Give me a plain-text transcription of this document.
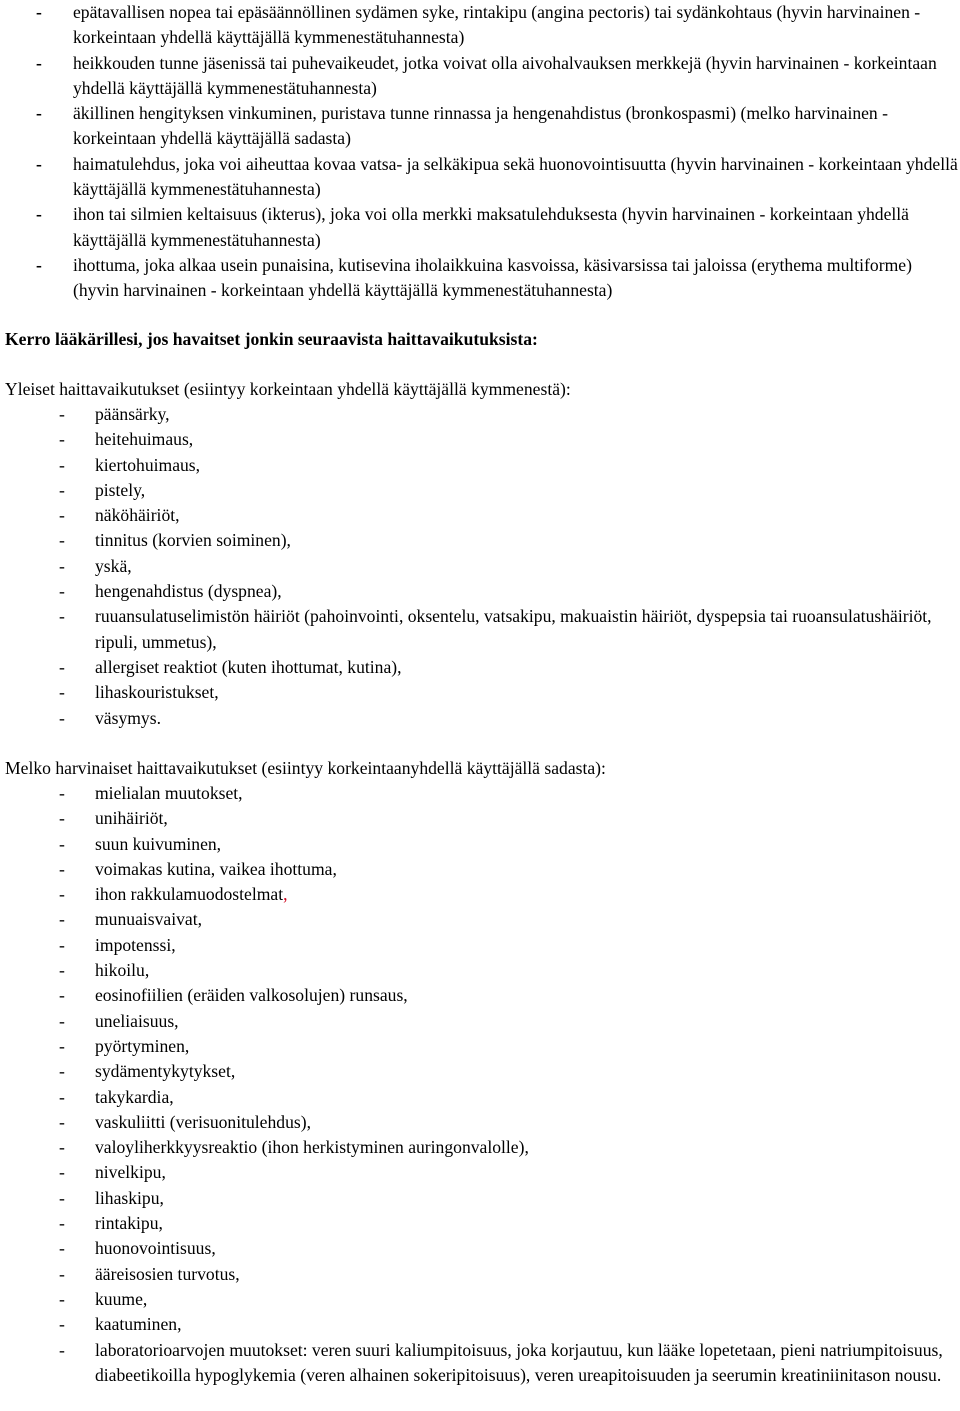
- epätavallisen nopea tai epäsäännöllinen sydämen syke, rintakipu (angina pectoris) tai sydänkohtaus (hyvin harvinainen - korkeintaan yhdellä käyttäjällä kymmenestätuhannesta)
- heikkouden tunne jäsenissä tai puhevaikeudet, jotka voivat olla aivohalvauksen merkkejä (hyvin harvinainen - korkeintaan yhdellä käyttäjällä kymmenestätuhannesta)
- äkillinen hengityksen vinkuminen, puristava tunne rinnassa ja hengenahdistus (bronkospasmi) (melko harvinainen - korkeintaan yhdellä käyttäjällä sadasta)
- haimatulehdus, joka voi aiheuttaa kovaa vatsa- ja selkäkipua sekä huonovointisuutta (hyvin harvinainen - korkeintaan yhdellä käyttäjällä kymmenestätuhannesta)
- ihon tai silmien keltaisuus (ikterus), joka voi olla merkki maksatulehduksesta (hyvin harvinainen - korkeintaan yhdellä käyttäjällä kymmenestätuhannesta)
- ihottuma, joka alkaa usein punaisina, kutisevina iholaikkuina kasvoissa, käsivarsissa tai jaloissa (erythema multiforme) (hyvin harvinainen - korkeintaan yhdellä käyttäjällä kymmenestätuhannesta)
Kerro lääkärillesi, jos havaitset jonkin seuraavista haittavaikutuksista:
Yleiset haittavaikutukset (esiintyy korkeintaan yhdellä käyttäjällä kymmenestä):
- päänsärky,
- heitehuimaus,
- kiertohuimaus,
- pistely,
- näköhäiriöt,
- tinnitus (korvien soiminen),
- yskä,
- hengenahdistus (dyspnea),
- ruuansulatuselimistön häiriöt (pahoinvointi, oksentelu, vatsakipu, makuaistin häiriöt, dyspepsia tai ruoansulatushäiriöt, ripuli, ummetus),
- allergiset reaktiot (kuten ihottumat, kutina),
- lihaskouristukset,
- väsymys.
Melko harvinaiset haittavaikutukset (esiintyy korkeintaanyhdellä käyttäjällä sadasta):
- mielialan muutokset,
- unihäiriöt,
- suun kuivuminen,
- voimakas kutina, vaikea ihottuma,
- ihon rakkulamuodostelmat,
- munuaisvaivat,
- impotenssi,
- hikoilu,
- eosinofiilien (eräiden valkosolujen) runsaus,
- uneliaisuus,
- pyörtyminen,
- sydämentykytykset,
- takykardia,
- vaskuliitti (verisuonitulehdus),
- valoyliherkkyysreaktio (ihon herkistyminen auringonvalolle),
- nivelkipu,
- lihaskipu,
- rintakipu,
- huonovointisuus,
- ääreisosien turvotus,
- kuume,
- kaatuminen,
- laboratorioarvojen muutokset: veren suuri kaliumpitoisuus, joka korjautuu, kun lääke lopetetaan, pieni natriumpitoisuus, diabeetikoilla hypoglykemia (veren alhainen sokeripitoisuus), veren ureapitoisuuden ja seerumin kreatiniinitason nousu.
